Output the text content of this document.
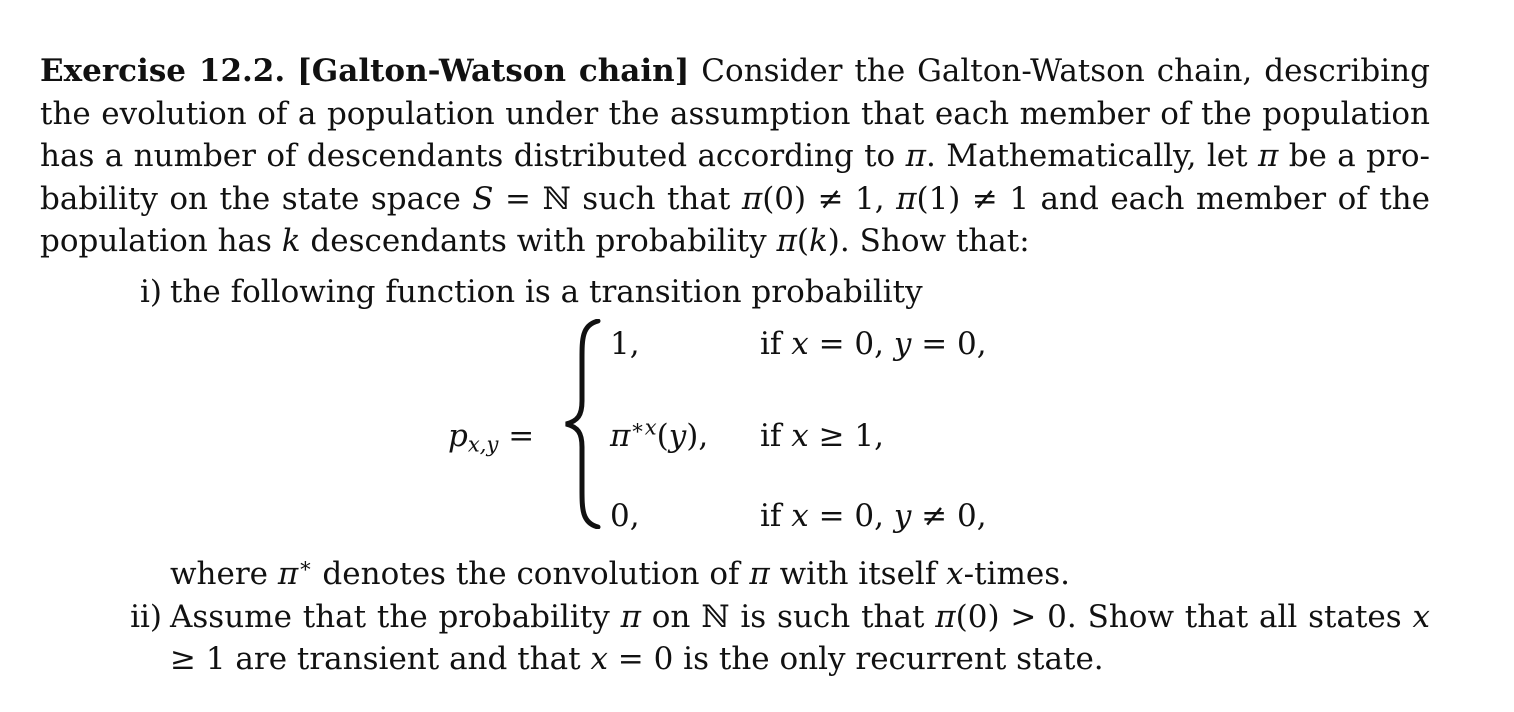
Exercise 12.2. [Galton-Watson chain] Consider the Galton-Watson chain, describing the evolution of a population under the assumption that each member of the population has a number of descendants distributed according to π. Mathematically, let π be a pro-bability on the state space S = ℕ such that π(0) ≠ 1, π(1) ≠ 1 and each member of the population has k descendants with probability π(k). Show that:
i) the following function is a transition probability
$p_{x,y}$ =
1,	if x = 0, y = 0,
$\pi^{∗x}(y)$, if x ≥ 1,
0,	if x = 0, y ≠ 0,
where π∗ denotes the convolution of π with itself x-times.
ii) Assume that the probability π on ℕ is such that π(0) > 0. Show that all states x ≥ 1 are transient and that x = 0 is the only recurrent state.
